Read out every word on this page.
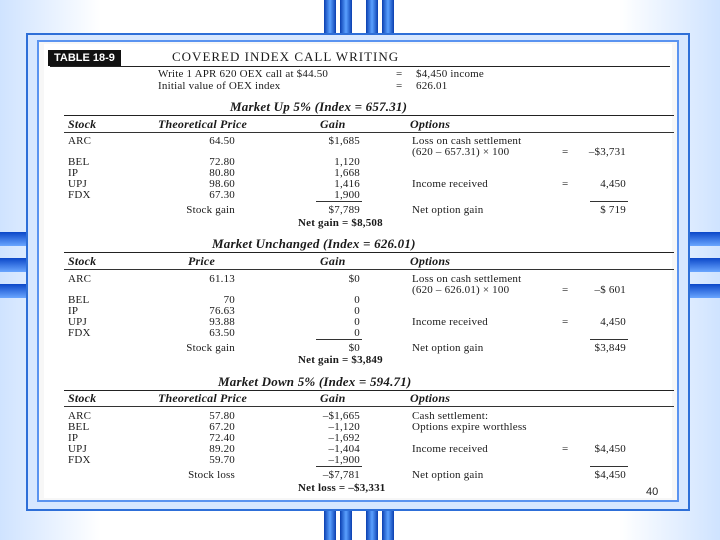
TABLE 18-9	COVERED INDEX CALL WRITING
Write 1 APR 620 OEX call at $44.50	= $4,450 income
Initial value of OEX index	= 626.01
Market Up 5% (Index = 657.31)
Stock	Theoretical Price	Gain	Options
ARC	64.50	$1,685	Loss on cash settlement
(620 – 657.31) × 100	=	–$3,731
BEL	72.80	1,120
IP	80.80	1,668
UPJ	98.60	1,416	Income received	=	4,450
FDX	67.30	1,900
Stock gain	$7,789	Net option gain	$ 719
Net gain = $8,508
Market Unchanged (Index = 626.01)
Stock	Price	Gain	Options
ARC	61.13	$0	Loss on cash settlement
(620 – 626.01) × 100	=	–$ 601
BEL	70	0
IP	76.63	0
UPJ	93.88	0	Income received	=	4,450
FDX	63.50	0
Stock gain	$0	Net option gain	$3,849
Net gain = $3,849
Market Down 5% (Index = 594.71)
Stock	Theoretical Price	Gain	Options
ARC	57.80	–$1,665	Cash settlement:
BEL	67.20	–1,120	Options expire worthless
IP	72.40	–1,692
UPJ	89.20	–1,404	Income received	=	$4,450
FDX	59.70	–1,900
Stock loss	–$7,781	Net option gain	$4,450
Net loss = –$3,331	40
